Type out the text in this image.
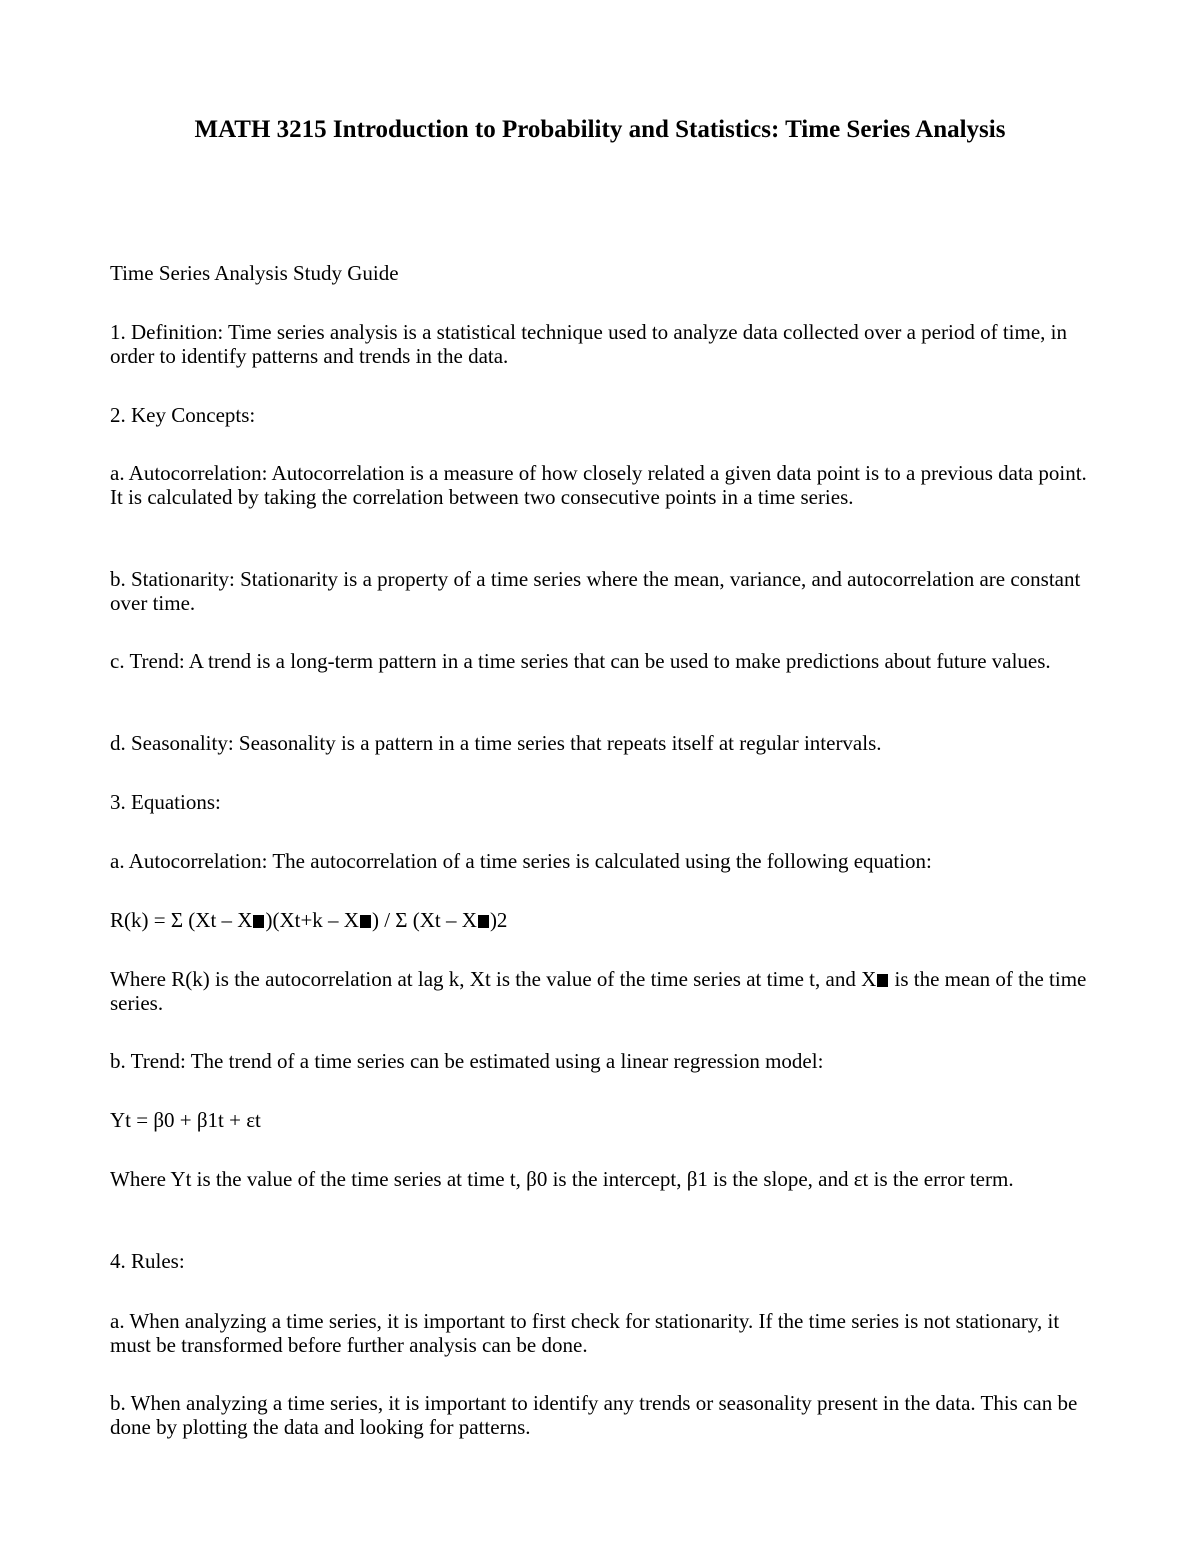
MATH 3215 Introduction to Probability and Statistics: Time Series Analysis

Time Series Analysis Study Guide

1. Definition: Time series analysis is a statistical technique used to analyze data collected over a period of time, in order to identify patterns and trends in the data.

2. Key Concepts:

a. Autocorrelation: Autocorrelation is a measure of how closely related a given data point is to a previous data point. It is calculated by taking the correlation between two consecutive points in a time series.

b. Stationarity: Stationarity is a property of a time series where the mean, variance, and autocorrelation are constant over time.

c. Trend: A trend is a long-term pattern in a time series that can be used to make predictions about future values.

d. Seasonality: Seasonality is a pattern in a time series that repeats itself at regular intervals.

3. Equations:

a. Autocorrelation: The autocorrelation of a time series is calculated using the following equation:

R(k) = Σ (Xt – X )(Xt+k – X ) / Σ (Xt – X )2

Where R(k) is the autocorrelation at lag k, Xt is the value of the time series at time t, and X is the mean of the time series.

b. Trend: The trend of a time series can be estimated using a linear regression model:

Yt = β0 + β1t + εt

Where Yt is the value of the time series at time t, β0 is the intercept, β1 is the slope, and εt is the error term.

4. Rules:

a. When analyzing a time series, it is important to first check for stationarity. If the time series is not stationary, it must be transformed before further analysis can be done.

b. When analyzing a time series, it is important to identify any trends or seasonality present in the data. This can be done by plotting the data and looking for patterns.
